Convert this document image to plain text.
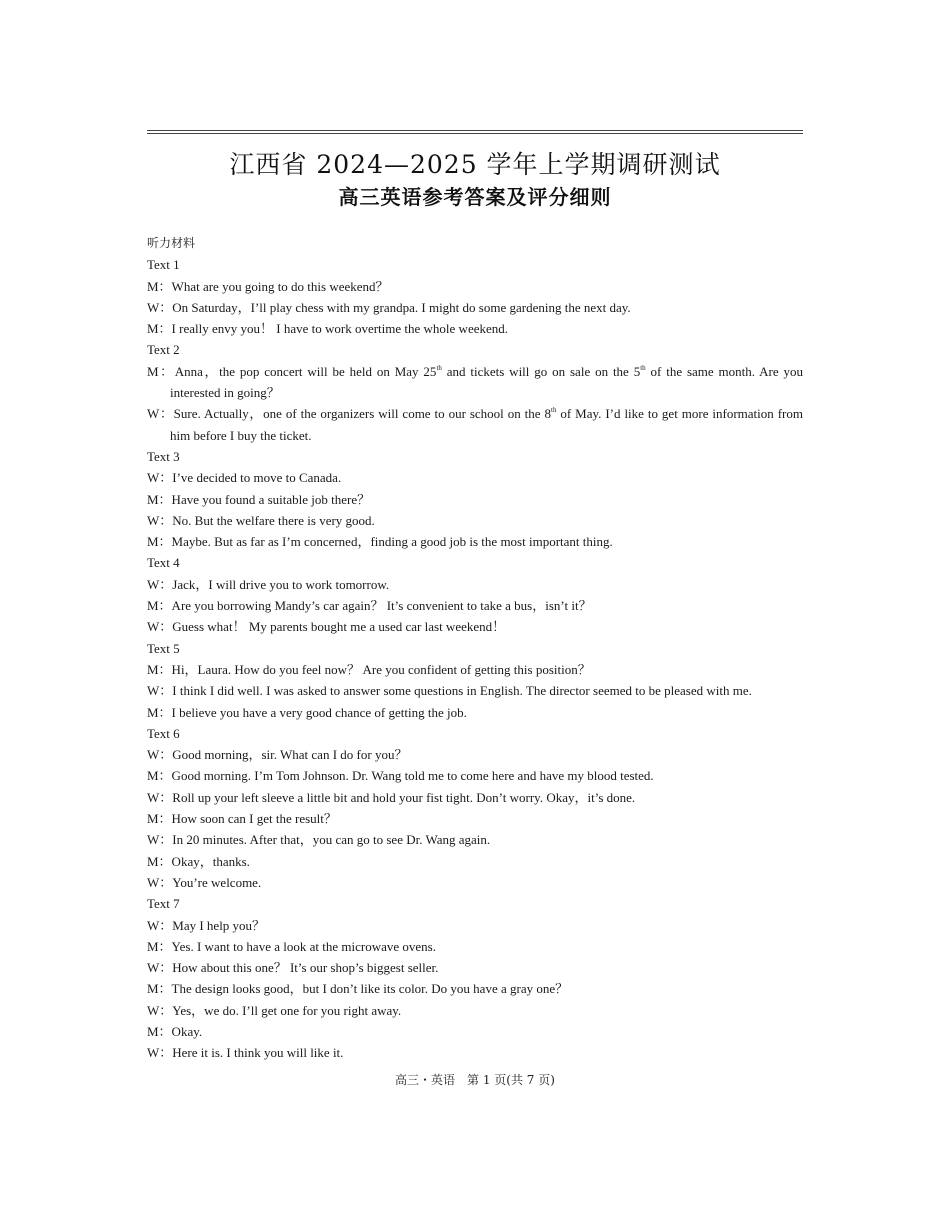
江西省 2024—2025 学年上学期调研测试
高三英语参考答案及评分细则
听力材料
Text 1
M：What are you going to do this weekend？
W：On Saturday，I’ll play chess with my grandpa. I might do some gardening the next day.
M：I really envy you！ I have to work overtime the whole weekend.
Text 2
M：Anna，the pop concert will be held on May 25th and tickets will go on sale on the 5th of the same month. Are you interested in going？
W：Sure. Actually，one of the organizers will come to our school on the 8th of May. I’d like to get more information from him before I buy the ticket.
Text 3
W：I’ve decided to move to Canada.
M：Have you found a suitable job there？
W：No. But the welfare there is very good.
M：Maybe. But as far as I’m concerned，finding a good job is the most important thing.
Text 4
W：Jack，I will drive you to work tomorrow.
M：Are you borrowing Mandy’s car again？ It’s convenient to take a bus，isn’t it？
W：Guess what！ My parents bought me a used car last weekend！
Text 5
M：Hi，Laura. How do you feel now？ Are you confident of getting this position？
W：I think I did well. I was asked to answer some questions in English. The director seemed to be pleased with me.
M：I believe you have a very good chance of getting the job.
Text 6
W：Good morning，sir. What can I do for you？
M：Good morning. I’m Tom Johnson. Dr. Wang told me to come here and have my blood tested.
W：Roll up your left sleeve a little bit and hold your fist tight. Don’t worry. Okay，it’s done.
M：How soon can I get the result？
W：In 20 minutes. After that，you can go to see Dr. Wang again.
M：Okay，thanks.
W：You’re welcome.
Text 7
W：May I help you？
M：Yes. I want to have a look at the microwave ovens.
W：How about this one？ It’s our shop’s biggest seller.
M：The design looks good，but I don’t like its color. Do you have a gray one？
W：Yes，we do. I’ll get one for you right away.
M：Okay.
W：Here it is. I think you will like it.
高三・英语　第 1 页(共 7 页)
